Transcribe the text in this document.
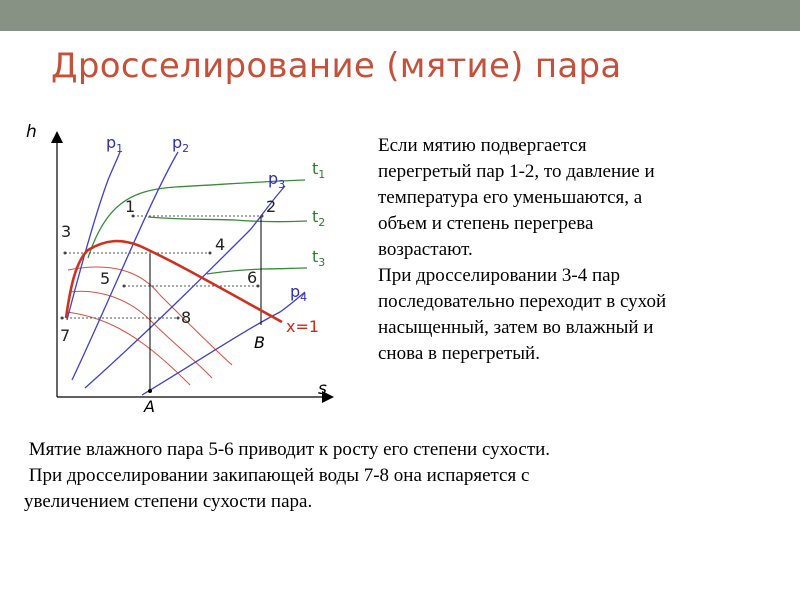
Дросселирование (мятие) пара
h
s
$p_1$	$p_2$
$p_3$
$p_4$
$t_1$
$t_2$
$t_3$
x=1
1	2
3
4
5	6
7
8
A
B

Если мятию подвергается

перегретый пар 1-2, то давление и

температура его уменьшаются, а

объем и степень перегрева

возрастают.

При дросселировании 3-4 пар

последовательно переходит в сухой

насыщенный, затем во влажный и

снова в перегретый.

Мятие влажного пара 5-6 приводит к росту его степени сухости.

При дросселировании закипающей воды 7-8 она испаряется с

увеличением степени сухости пара.
